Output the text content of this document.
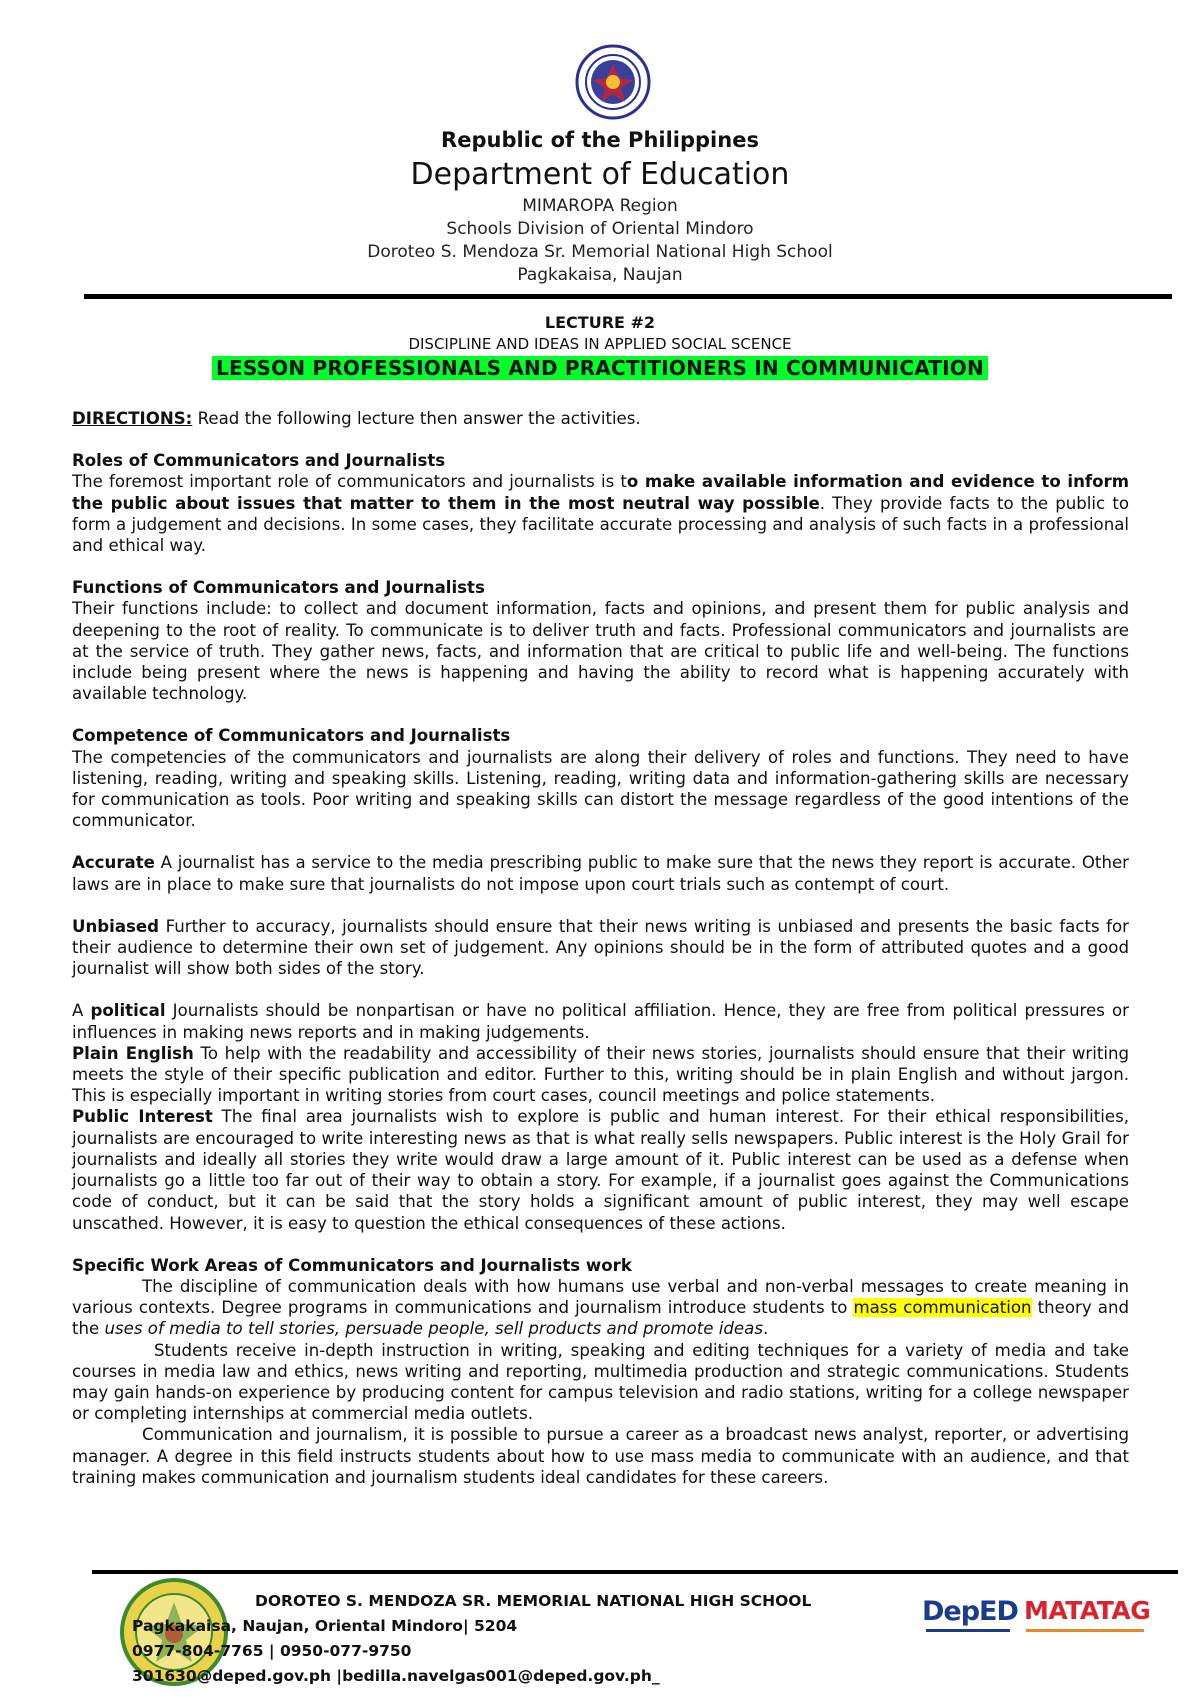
Republic of the Philippines
Department of Education
MIMAROPA Region
Schools Division of Oriental Mindoro
Doroteo S. Mendoza Sr. Memorial National High School
Pagkakaisa, Naujan
LECTURE #2
DISCIPLINE AND IDEAS IN APPLIED SOCIAL SCENCE
LESSON PROFESSIONALS AND PRACTITIONERS IN COMMUNICATION
DIRECTIONS: Read the following lecture then answer the activities.
Roles of Communicators and Journalists
The foremost important role of communicators and journalists is to make available information and evidence to inform the public about issues that matter to them in the most neutral way possible. They provide facts to the public to form a judgement and decisions. In some cases, they facilitate accurate processing and analysis of such facts in a professional and ethical way.
Functions of Communicators and Journalists
Their functions include: to collect and document information, facts and opinions, and present them for public analysis and deepening to the root of reality. To communicate is to deliver truth and facts. Professional communicators and journalists are at the service of truth. They gather news, facts, and information that are critical to public life and well-being. The functions include being present where the news is happening and having the ability to record what is happening accurately with available technology.
Competence of Communicators and Journalists
The competencies of the communicators and journalists are along their delivery of roles and functions. They need to have listening, reading, writing and speaking skills. Listening, reading, writing data and information-gathering skills are necessary for communication as tools. Poor writing and speaking skills can distort the message regardless of the good intentions of the communicator.
Accurate A journalist has a service to the media prescribing public to make sure that the news they report is accurate. Other laws are in place to make sure that journalists do not impose upon court trials such as contempt of court.
Unbiased Further to accuracy, journalists should ensure that their news writing is unbiased and presents the basic facts for their audience to determine their own set of judgement. Any opinions should be in the form of attributed quotes and a good journalist will show both sides of the story.
A political Journalists should be nonpartisan or have no political affiliation. Hence, they are free from political pressures or influences in making news reports and in making judgements.
Plain English To help with the readability and accessibility of their news stories, journalists should ensure that their writing meets the style of their specific publication and editor. Further to this, writing should be in plain English and without jargon. This is especially important in writing stories from court cases, council meetings and police statements.
Public Interest The final area journalists wish to explore is public and human interest. For their ethical responsibilities, journalists are encouraged to write interesting news as that is what really sells newspapers. Public interest is the Holy Grail for journalists and ideally all stories they write would draw a large amount of it. Public interest can be used as a defense when journalists go a little too far out of their way to obtain a story. For example, if a journalist goes against the Communications code of conduct, but it can be said that the story holds a significant amount of public interest, they may well escape unscathed. However, it is easy to question the ethical consequences of these actions.
Specific Work Areas of Communicators and Journalists work
The discipline of communication deals with how humans use verbal and non-verbal messages to create meaning in various contexts. Degree programs in communications and journalism introduce students to mass communication theory and the uses of media to tell stories, persuade people, sell products and promote ideas.
Students receive in-depth instruction in writing, speaking and editing techniques for a variety of media and take courses in media law and ethics, news writing and reporting, multimedia production and strategic communications. Students may gain hands-on experience by producing content for campus television and radio stations, writing for a college newspaper or completing internships at commercial media outlets.
Communication and journalism, it is possible to pursue a career as a broadcast news analyst, reporter, or advertising manager. A degree in this field instructs students about how to use mass media to communicate with an audience, and that training makes communication and journalism students ideal candidates for these careers.
DOROTEO S. MENDOZA SR. MEMORIAL NATIONAL HIGH SCHOOL
Pagkakaisa, Naujan, Oriental Mindoro| 5204
0977-804-7765 | 0950-077-9750
301630@deped.gov.ph |bedilla.navelgas001@deped.gov.ph_
DepED MATATAG
